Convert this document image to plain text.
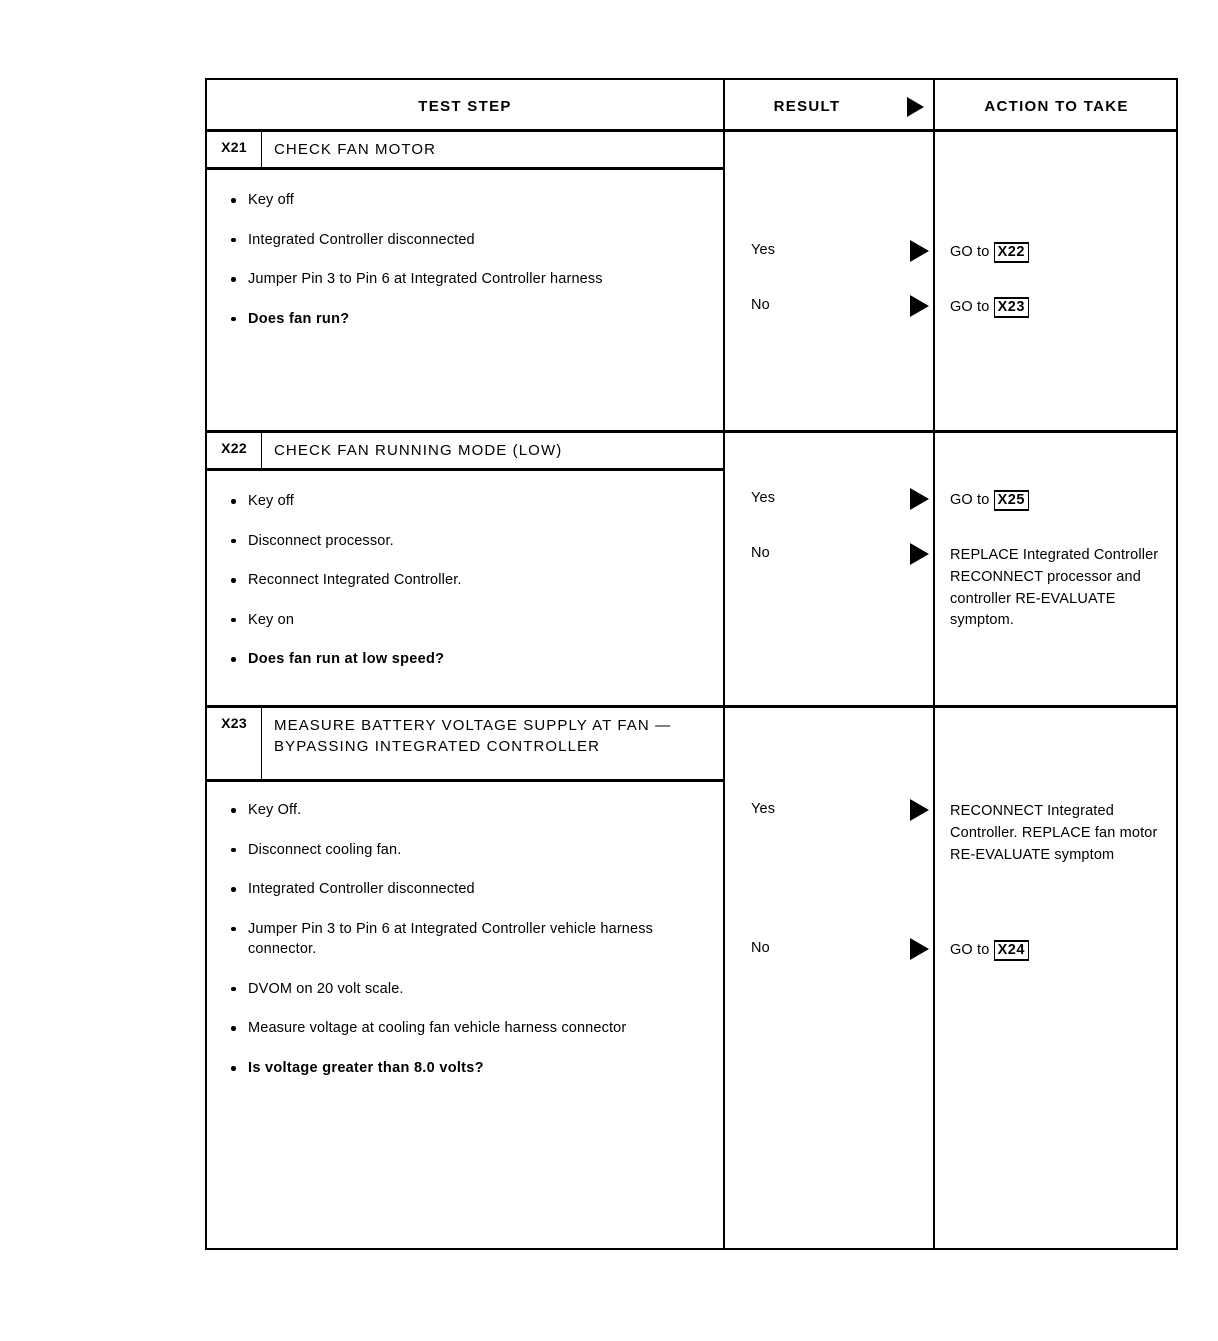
TEST STEP	RESULT	ACTION TO TAKE
X21	CHECK FAN MOTOR
Key off
Integrated Controller disconnected
Jumper Pin 3 to Pin 6 at Integrated Controller harness
Does fan run?
Yes	GO to X22
No	GO to X23
X22	CHECK FAN RUNNING MODE (LOW)
Key off
Disconnect processor.
Reconnect Integrated Controller.
Key on
Does fan run at low speed?
Yes	GO to X25
No	REPLACE Integrated Controller RECONNECT processor and controller RE-EVALUATE symptom.
X23	MEASURE BATTERY VOLTAGE SUPPLY AT FAN — BYPASSING INTEGRATED CONTROLLER
Key Off.
Disconnect cooling fan.
Integrated Controller disconnected
Jumper Pin 3 to Pin 6 at Integrated Controller vehicle harness connector.
DVOM on 20 volt scale.
Measure voltage at cooling fan vehicle harness connector
Is voltage greater than 8.0 volts?
Yes	RECONNECT Integrated Controller. REPLACE fan motor RE-EVALUATE symptom
No	GO to X24
